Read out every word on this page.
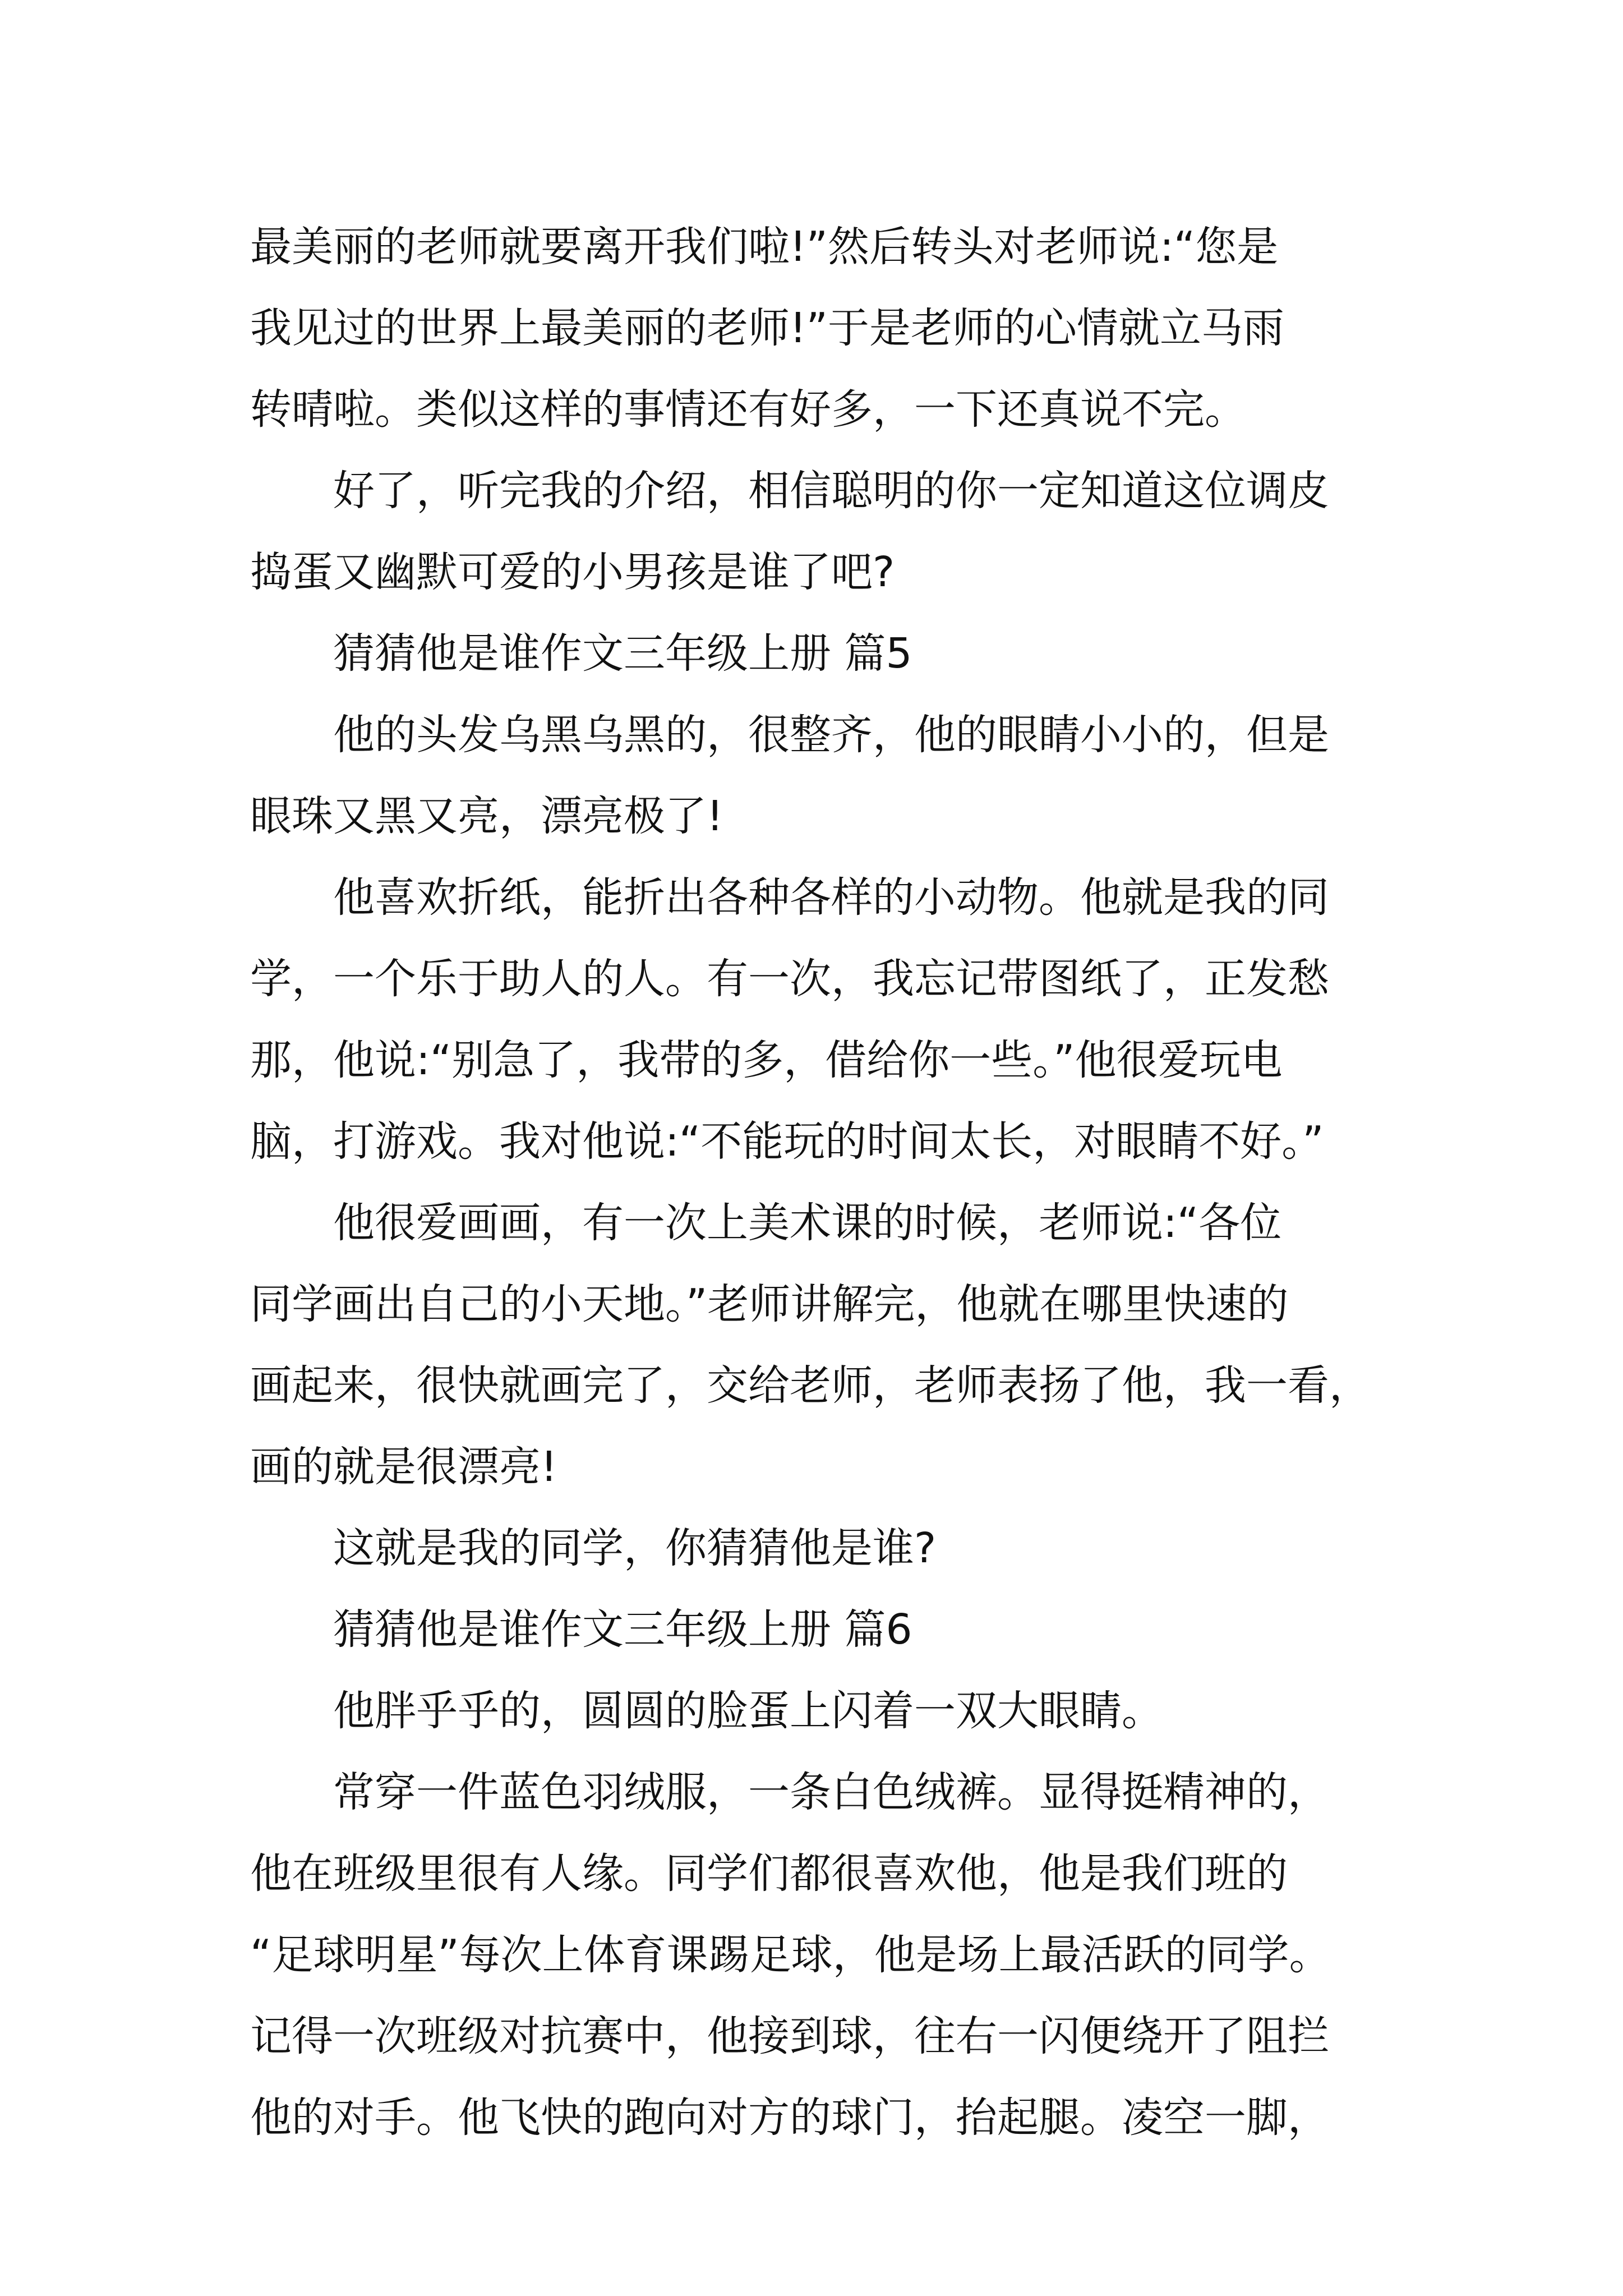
最美丽的老师就要离开我们啦!”然后转头对老师说:“您是
我见过的世界上最美丽的老师!”于是老师的心情就立马雨
转晴啦。类似这样的事情还有好多，一下还真说不完。
好了，听完我的介绍，相信聪明的你一定知道这位调皮
捣蛋又幽默可爱的小男孩是谁了吧?
猜猜他是谁作文三年级上册 篇5
他的头发乌黑乌黑的，很整齐，他的眼睛小小的，但是
眼珠又黑又亮，漂亮极了!
他喜欢折纸，能折出各种各样的小动物。他就是我的同
学，一个乐于助人的人。有一次，我忘记带图纸了，正发愁
那，他说:“别急了，我带的多，借给你一些。”他很爱玩电
脑，打游戏。我对他说:“不能玩的时间太长，对眼睛不好。”
他很爱画画，有一次上美术课的时候，老师说:“各位
同学画出自己的小天地。”老师讲解完，他就在哪里快速的
画起来，很快就画完了，交给老师，老师表扬了他，我一看，
画的就是很漂亮!
这就是我的同学，你猜猜他是谁?
猜猜他是谁作文三年级上册 篇6
他胖乎乎的，圆圆的脸蛋上闪着一双大眼睛。
常穿一件蓝色羽绒服，一条白色绒裤。显得挺精神的，
他在班级里很有人缘。同学们都很喜欢他，他是我们班的
“足球明星”每次上体育课踢足球，他是场上最活跃的同学。
记得一次班级对抗赛中，他接到球，往右一闪便绕开了阻拦
他的对手。他飞快的跑向对方的球门，抬起腿。凌空一脚，
